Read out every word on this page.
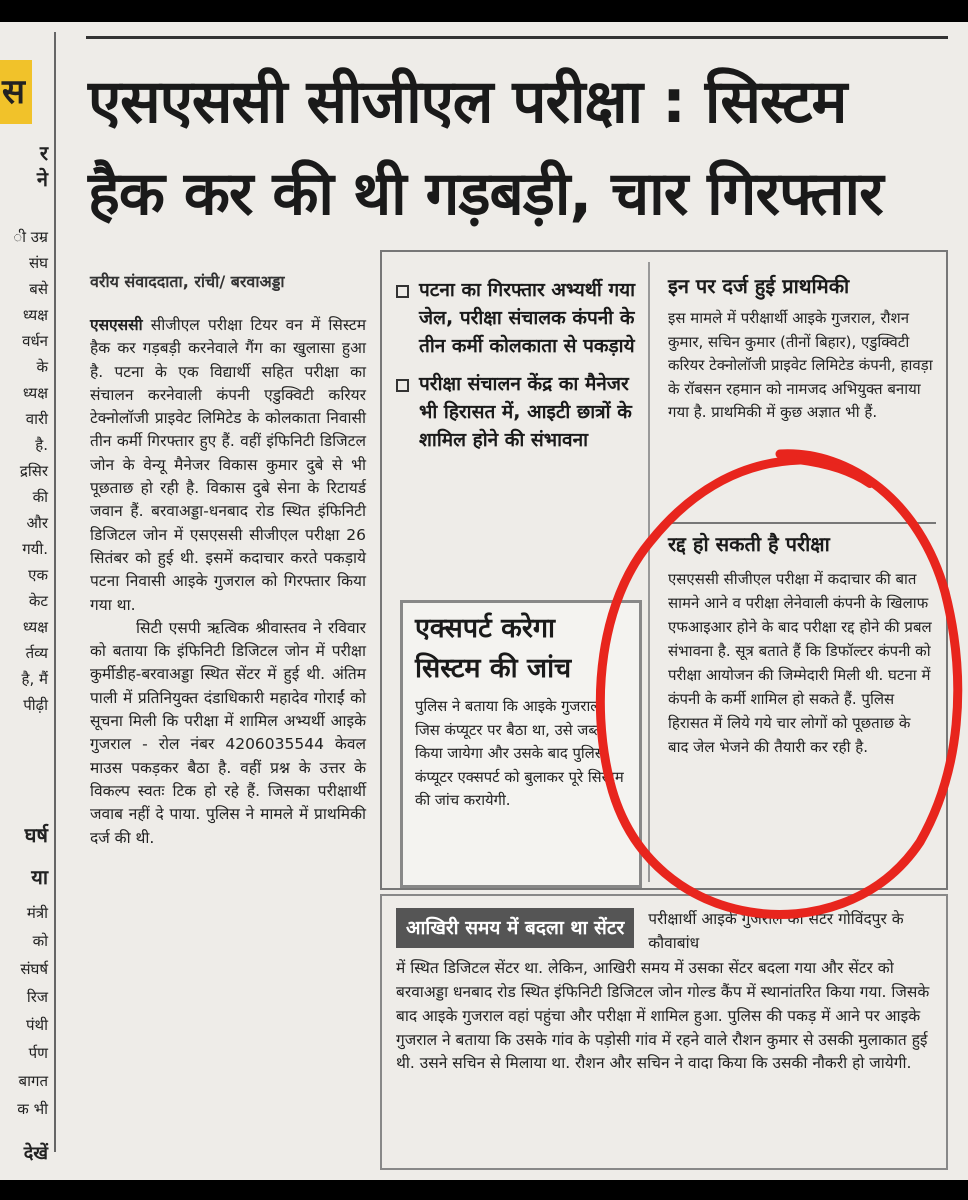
स
र
ने
ी उम्र
संघ
बसे
ध्यक्ष
वर्धन
के
ध्यक्ष
वारी
है.
द्रसिर
की
और
गयी.
एक
केट
ध्यक्ष
र्तव्य
है, मैं
पीढ़ी
घर्ष
या
मंत्री
को
संघर्ष
रिज
पंथी
र्पण
बागत
क भी
देखें
एसएससी सीजीएल परीक्षा : सिस्टम
हैक कर की थी गड़बड़ी, चार गिरफ्तार
वरीय संवाददाता, रांची/ बरवाअड्डा

एसएससी सीजीएल परीक्षा टियर वन में सिस्टम हैक कर गड़बड़ी करनेवाले गैंग का खुलासा हुआ है. पटना के एक विद्यार्थी सहित परीक्षा का संचालन करनेवाली कंपनी एडुक्विटी करियर टेक्नोलॉजी प्राइवेट लिमिटेड के कोलकाता निवासी तीन कर्मी गिरफ्तार हुए हैं. वहीं इंफिनिटी डिजिटल जोन के वेन्यू मैनेजर विकास कुमार दुबे से भी पूछताछ हो रही है. विकास दुबे सेना के रिटायर्ड जवान हैं. बरवाअड्डा-धनबाद रोड स्थित इंफिनिटी डिजिटल जोन में एसएससी सीजीएल परीक्षा 26 सितंबर को हुई थी. इसमें कदाचार करते पकड़ाये पटना निवासी आइके गुजराल को गिरफ्तार किया गया था.

सिटी एसपी ऋत्विक श्रीवास्तव ने रविवार को बताया कि इंफिनिटी डिजिटल जोन में परीक्षा कुर्मीडीह-बरवाअड्डा स्थित सेंटर में हुई थी. अंतिम पाली में प्रतिनियुक्त दंडाधिकारी महादेव गोराईं को सूचना मिली कि परीक्षा में शामिल अभ्यर्थी आइके गुजराल - रोल नंबर 4206035544 केवल माउस पकड़कर बैठा है. वहीं प्रश्न के उत्तर के विकल्प स्वतः टिक हो रहे हैं. जिसका परीक्षार्थी जवाब नहीं दे पाया. पुलिस ने मामले में प्राथमिकी दर्ज की थी.

पटना का गिरफ्तार अभ्यर्थी गया जेल, परीक्षा संचालक कंपनी के तीन कर्मी कोलकाता से पकड़ाये
परीक्षा संचालन केंद्र का मैनेजर भी हिरासत में, आइटी छात्रों के शामिल होने की संभावना
इन पर दर्ज हुई प्राथमिकी
इस मामले में परीक्षार्थी आइके गुजराल, रौशन कुमार, सचिन कुमार (तीनों बिहार), एडुक्विटी करियर टेक्नोलॉजी प्राइवेट लिमिटेड कंपनी, हावड़ा के रॉबसन रहमान को नामजद अभियुक्त बनाया गया है. प्राथमिकी में कुछ अज्ञात भी हैं.
रद्द हो सकती है परीक्षा
एसएससी सीजीएल परीक्षा में कदाचार की बात सामने आने व परीक्षा लेनेवाली कंपनी के खिलाफ एफआइआर होने के बाद परीक्षा रद्द होने की प्रबल संभावना है. सूत्र बताते हैं कि डिफॉल्टर कंपनी को परीक्षा आयोजन की जिम्मेदारी मिली थी. घटना में कंपनी के कर्मी शामिल हो सकते हैं. पुलिस हिरासत में लिये गये चार लोगों को पूछताछ के बाद जेल भेजने की तैयारी कर रही है.
एक्सपर्ट करेगा
सिस्टम की जांच
पुलिस ने बताया कि आइके गुजराल जिस कंप्यूटर पर बैठा था, उसे जब्त किया जायेगा और उसके बाद पुलिस कंप्यूटर एक्सपर्ट को बुलाकर पूरे सिस्टम की जांच करायेगी.
आखिरी समय में बदला था सेंटर	परीक्षार्थी आइके गुजराल का सेंटर गोविंदपुर के कौवाबांध
में स्थित डिजिटल सेंटर था. लेकिन, आखिरी समय में उसका सेंटर बदला गया और सेंटर को बरवाअड्डा धनबाद रोड स्थित इंफिनिटी डिजिटल जोन गोल्ड कैंप में स्थानांतरित किया गया. जिसके बाद आइके गुजराल वहां पहुंचा और परीक्षा में शामिल हुआ. पुलिस की पकड़ में आने पर आइके गुजराल ने बताया कि उसके गांव के पड़ोसी गांव में रहने वाले रौशन कुमार से उसकी मुलाकात हुई थी. उसने सचिन से मिलाया था. रौशन और सचिन ने वादा किया कि उसकी नौकरी हो जायेगी.
